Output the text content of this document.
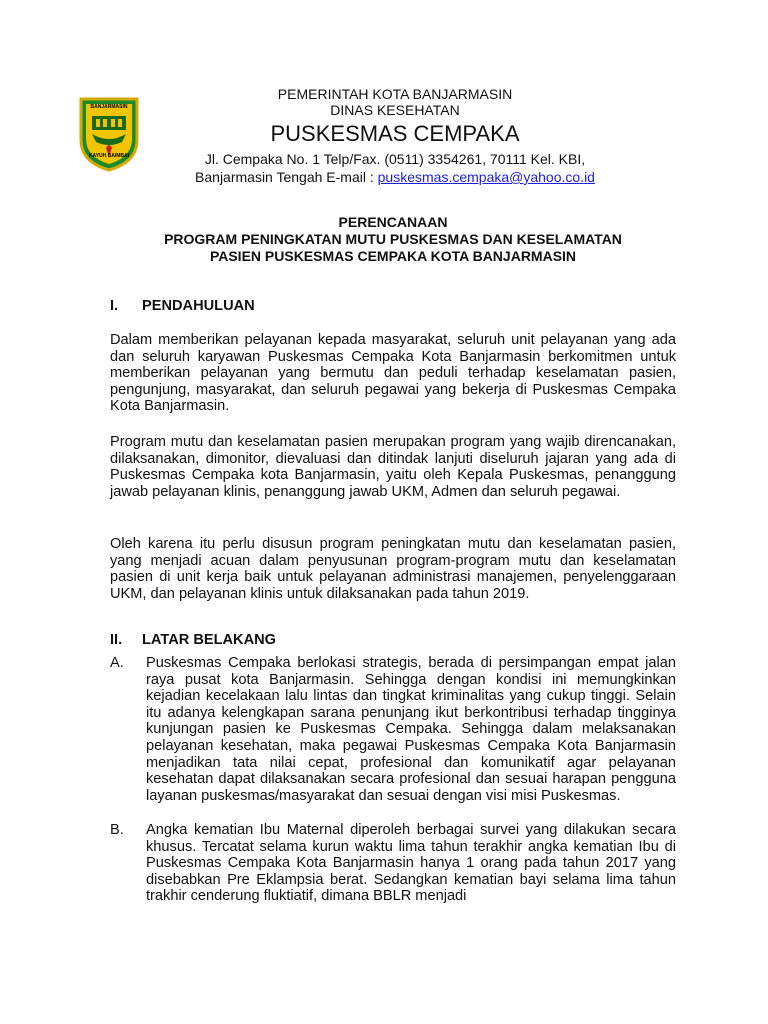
BANJARMASIN
KAYUH BAIMBAI
PEMERINTAH KOTA BANJARMASIN
DINAS KESEHATAN
PUSKESMAS CEMPAKA
Jl. Cempaka No. 1 Telp/Fax. (0511) 3354261, 70111 Kel. KBI,
Banjarmasin Tengah E-mail : puskesmas.cempaka@yahoo.co.id
PERENCANAAN
PROGRAM PENINGKATAN MUTU PUSKESMAS DAN KESELAMATAN
PASIEN PUSKESMAS CEMPAKA KOTA BANJARMASIN
I. PENDAHULUAN
Dalam memberikan pelayanan kepada masyarakat, seluruh unit pelayanan yang ada dan seluruh karyawan Puskesmas Cempaka Kota Banjarmasin berkomitmen untuk memberikan pelayanan yang bermutu dan peduli terhadap keselamatan pasien, pengunjung, masyarakat, dan seluruh pegawai yang bekerja di Puskesmas Cempaka Kota Banjarmasin.
Program mutu dan keselamatan pasien merupakan program yang wajib direncanakan, dilaksanakan, dimonitor, dievaluasi dan ditindak lanjuti diseluruh jajaran yang ada di Puskesmas Cempaka kota Banjarmasin, yaitu oleh Kepala Puskesmas, penanggung jawab pelayanan klinis, penanggung jawab UKM, Admen dan seluruh pegawai.
Oleh karena itu perlu disusun program peningkatan mutu dan keselamatan pasien, yang menjadi acuan dalam penyusunan program-program mutu dan keselamatan pasien di unit kerja baik untuk pelayanan administrasi manajemen, penyelenggaraan UKM, dan pelayanan klinis untuk dilaksanakan pada tahun 2019.
II. LATAR BELAKANG
A. Puskesmas Cempaka berlokasi strategis, berada di persimpangan empat jalan raya pusat kota Banjarmasin. Sehingga dengan kondisi ini memungkinkan kejadian kecelakaan lalu lintas dan tingkat kriminalitas yang cukup tinggi. Selain itu adanya kelengkapan sarana penunjang ikut berkontribusi terhadap tingginya kunjungan pasien ke Puskesmas Cempaka. Sehingga dalam melaksanakan pelayanan kesehatan, maka pegawai Puskesmas Cempaka Kota Banjarmasin menjadikan tata nilai cepat, profesional dan komunikatif agar pelayanan kesehatan dapat dilaksanakan secara profesional dan sesuai harapan pengguna layanan puskesmas/masyarakat dan sesuai dengan visi misi Puskesmas.
B. Angka kematian Ibu Maternal diperoleh berbagai survei yang dilakukan secara khusus. Tercatat selama kurun waktu lima tahun terakhir angka kematian Ibu di Puskesmas Cempaka Kota Banjarmasin hanya 1 orang pada tahun 2017 yang disebabkan Pre Eklampsia berat. Sedangkan kematian bayi selama lima tahun trakhir cenderung fluktiatif, dimana BBLR menjadi
